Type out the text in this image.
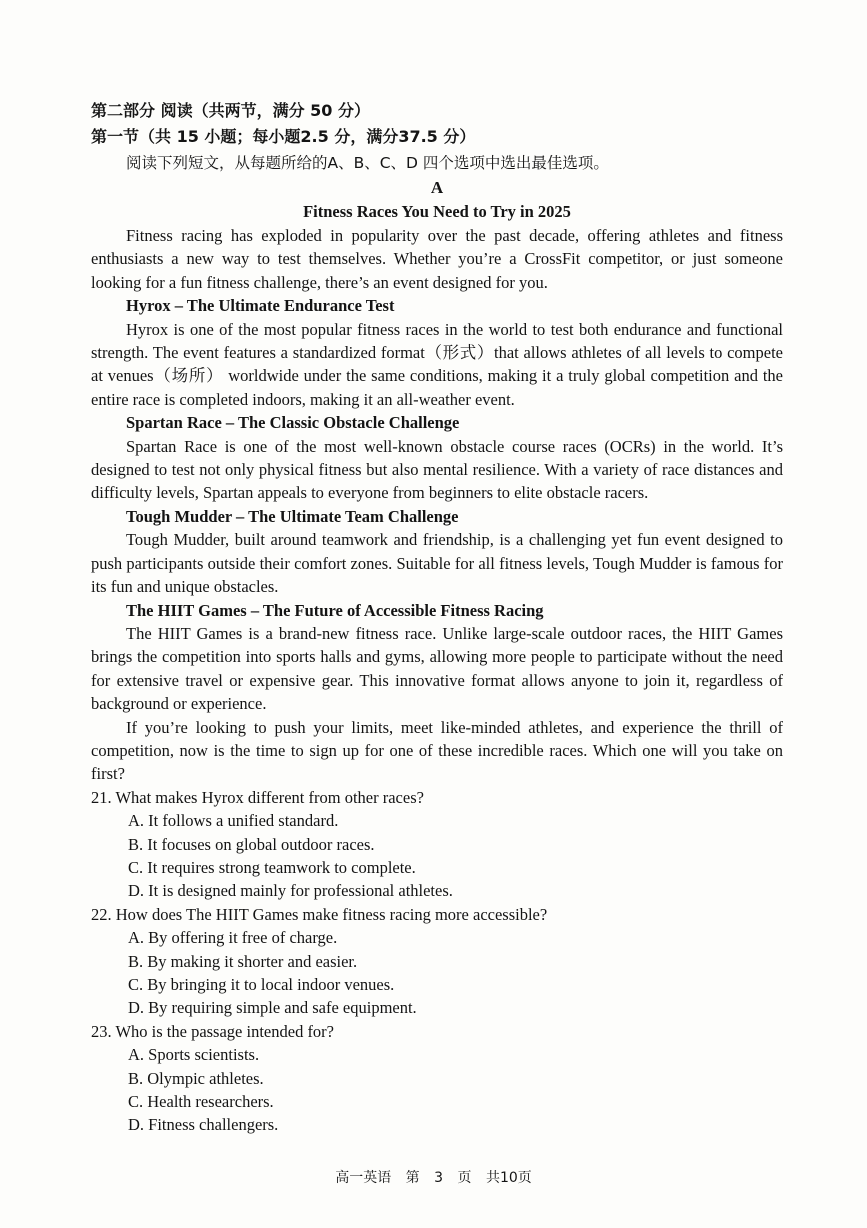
第二部分 阅读（共两节，满分 50 分）
第一节（共 15 小题；每小题2.5 分，满分37.5 分）
阅读下列短文，从每题所给的A、B、C、D 四个选项中选出最佳选项。
A
Fitness Races You Need to Try in 2025

Fitness racing has exploded in popularity over the past decade, offering athletes and fitness enthusiasts a new way to test themselves. Whether you’re a CrossFit competitor, or just someone looking for a fun fitness challenge, there’s an event designed for you.

Hyrox – The Ultimate Endurance Test

Hyrox is one of the most popular fitness races in the world to test both endurance and functional strength. The event features a standardized format（形式）that allows athletes of all levels to compete at venues（场所） worldwide under the same conditions, making it a truly global competition and the entire race is completed indoors, making it an all-weather event.

Spartan Race – The Classic Obstacle Challenge

Spartan Race is one of the most well-known obstacle course races (OCRs) in the world. It’s designed to test not only physical fitness but also mental resilience. With a variety of race distances and difficulty levels, Spartan appeals to everyone from beginners to elite obstacle racers.

Tough Mudder – The Ultimate Team Challenge

Tough Mudder, built around teamwork and friendship, is a challenging yet fun event designed to push participants outside their comfort zones. Suitable for all fitness levels, Tough Mudder is famous for its fun and unique obstacles.

The HIIT Games – The Future of Accessible Fitness Racing

The HIIT Games is a brand-new fitness race. Unlike large-scale outdoor races, the HIIT Games brings the competition into sports halls and gyms, allowing more people to participate without the need for extensive travel or expensive gear. This innovative format allows anyone to join it, regardless of background or experience.

If you’re looking to push your limits, meet like-minded athletes, and experience the thrill of competition, now is the time to sign up for one of these incredible races. Which one will you take on first?

21. What makes Hyrox different from other races?
A. It follows a unified standard.
B. It focuses on global outdoor races.
C. It requires strong teamwork to complete.
D. It is designed mainly for professional athletes.
22. How does The HIIT Games make fitness racing more accessible?
A. By offering it free of charge.
B. By making it shorter and easier.
C. By bringing it to local indoor venues.
D. By requiring simple and safe equipment.
23. Who is the passage intended for?
A. Sports scientists.
B. Olympic athletes.
C. Health researchers.
D. Fitness challengers.
高一英语 第 3 页 共10页
